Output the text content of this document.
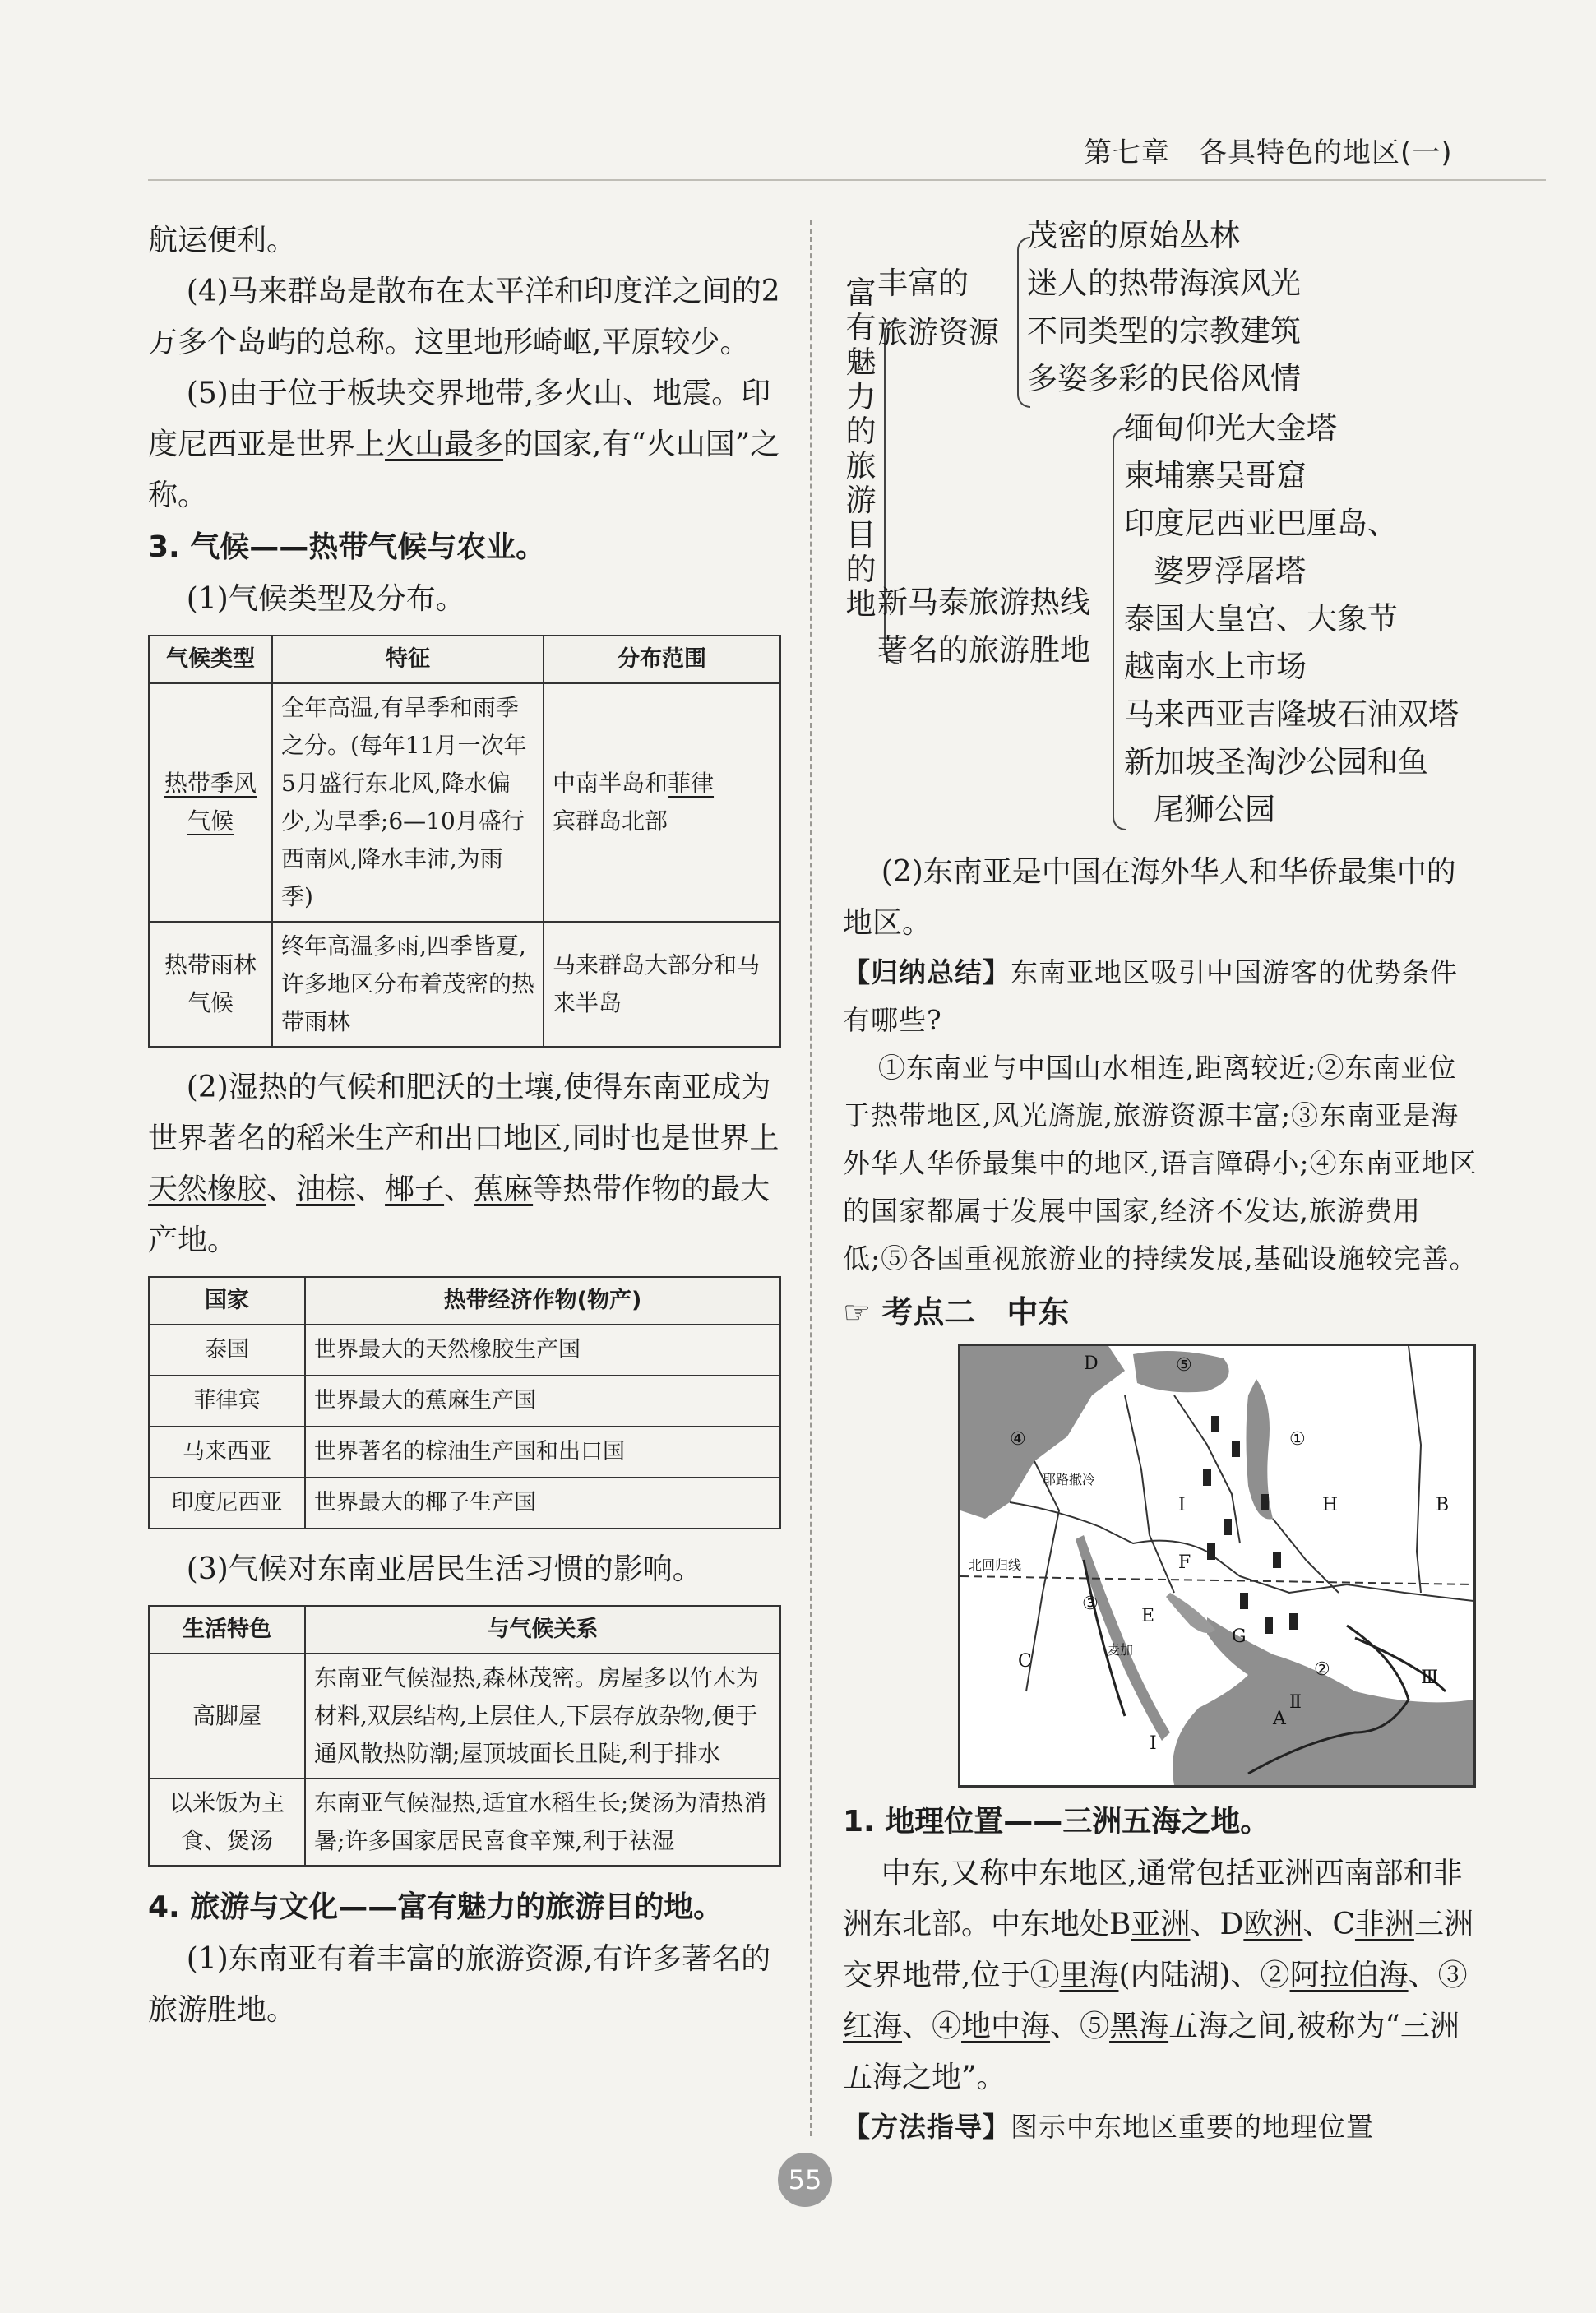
第七章　各具特色的地区(一)

航运便利。

(4)马来群岛是散布在太平洋和印度洋之间的2万多个岛屿的总称。这里地形崎岖,平原较少。

(5)由于位于板块交界地带,多火山、地震。印度尼西亚是世界上火山最多的国家,有“火山国”之称。

3. 气候——热带气候与农业。

(1)气候类型及分布。

气候类型	特征	分布范围
热带季风气候	全年高温,有旱季和雨季之分。(每年11月一次年5月盛行东北风,降水偏少,为旱季;6—10月盛行西南风,降水丰沛,为雨季)	中南半岛和菲律
宾群岛北部
热带雨林气候	终年高温多雨,四季皆夏,许多地区分布着茂密的热带雨林	马来群岛大部分和马来半岛

(2)湿热的气候和肥沃的土壤,使得东南亚成为世界著名的稻米生产和出口地区,同时也是世界上天然橡胶、油棕、椰子、蕉麻等热带作物的最大产地。

国家	热带经济作物(物产)
泰国	世界最大的天然橡胶生产国
菲律宾	世界最大的蕉麻生产国
马来西亚	世界著名的棕油生产国和出口国
印度尼西亚	世界最大的椰子生产国

(3)气候对东南亚居民生活习惯的影响。

生活特色	与气候关系
高脚屋	东南亚气候湿热,森林茂密。房屋多以竹木为材料,双层结构,上层住人,下层存放杂物,便于通风散热防潮;屋顶坡面长且陡,利于排水
以米饭为主食、煲汤	东南亚气候湿热,适宜水稻生长;煲汤为清热消暑;许多国家居民喜食辛辣,利于祛湿

4. 旅游与文化——富有魅力的旅游目的地。

(1)东南亚有着丰富的旅游资源,有许多著名的旅游胜地。

富
有
魅
力
的
旅
游
目
的
地
丰富的
旅游资源
茂密的原始丛林
迷人的热带海滨风光
不同类型的宗教建筑
多姿多彩的民俗风情
新马泰旅游热线
著名的旅游胜地
缅甸仰光大金塔
柬埔寨吴哥窟
印度尼西亚巴厘岛、
婆罗浮屠塔
泰国大皇宫、大象节
越南水上市场
马来西亚吉隆坡石油双塔
新加坡圣淘沙公园和鱼
尾狮公园

(2)东南亚是中国在海外华人和华侨最集中的地区。

【归纳总结】东南亚地区吸引中国游客的优势条件有哪些?

①东南亚与中国山水相连,距离较近;②东南亚位于热带地区,风光旖旎,旅游资源丰富;③东南亚是海外华人华侨最集中的地区,语言障碍小;④东南亚地区的国家都属于发展中国家,经济不发达,旅游费用低;⑤各国重视旅游业的持续发展,基础设施较完善。

☞ 考点二　中东

D
B
C
H
I
E
F
G
A
①
②
③
④
⑤
Ⅰ
Ⅱ
Ⅲ
耶路撒冷
北回归线
麦加

1. 地理位置——三洲五海之地。

中东,又称中东地区,通常包括亚洲西南部和非洲东北部。中东地处B亚洲、D欧洲、C非洲三洲交界地带,位于①里海(内陆湖)、②阿拉伯海、③红海、④地中海、⑤黑海五海之间,被称为“三洲五海之地”。

【方法指导】图示中东地区重要的地理位置

55
